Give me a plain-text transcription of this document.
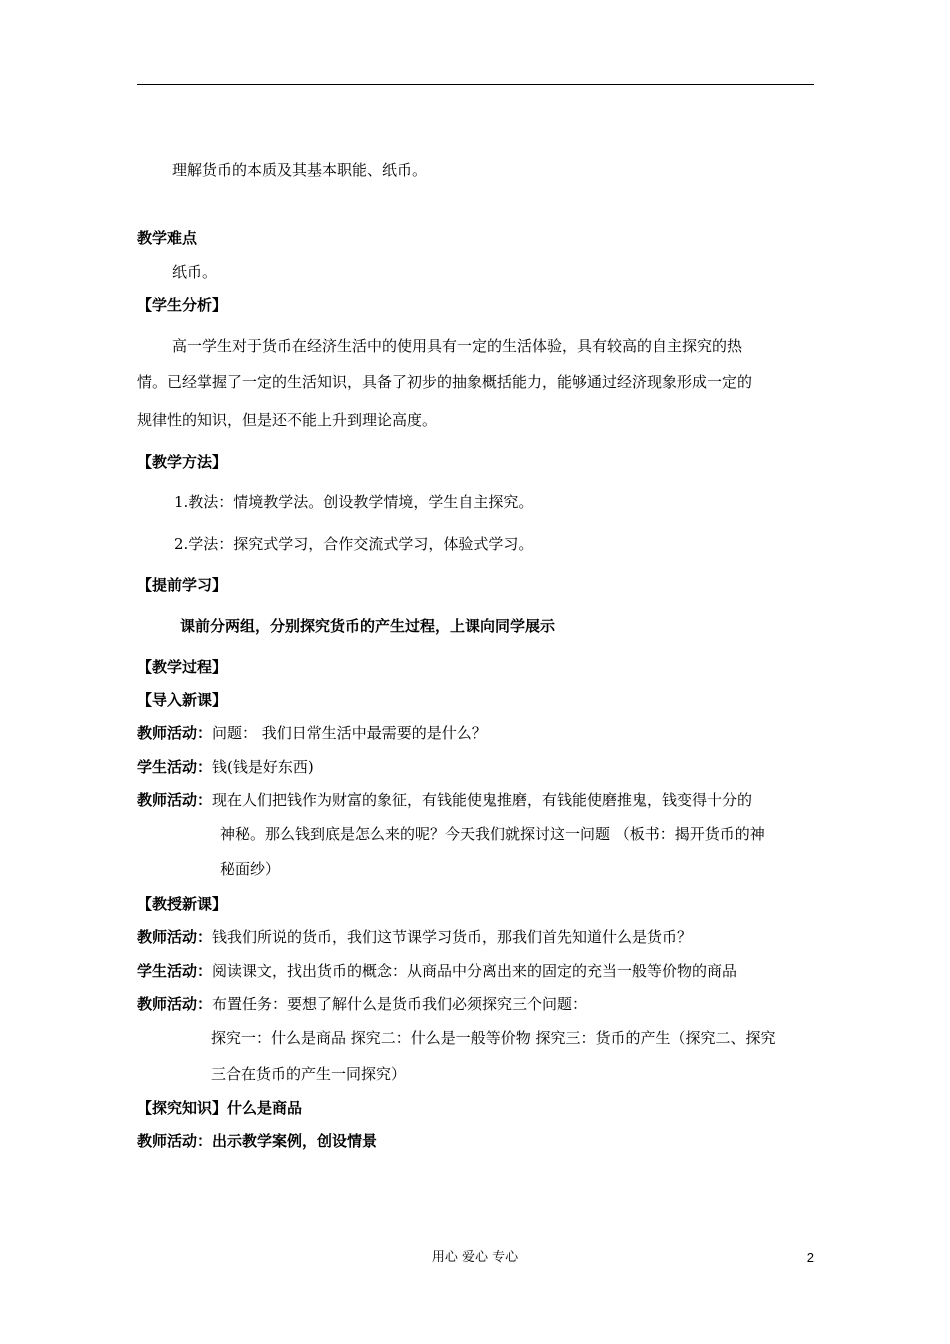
理解货币的本质及其基本职能、纸币。
教学难点
纸币。
【学生分析】
高一学生对于货币在经济生活中的使用具有一定的生活体验，具有较高的自主探究的热
情。已经掌握了一定的生活知识，具备了初步的抽象概括能力，能够通过经济现象形成一定的
规律性的知识，但是还不能上升到理论高度。
【教学方法】
1.教法：情境教学法。创设教学情境，学生自主探究。
2.学法：探究式学习，合作交流式学习，体验式学习。
【提前学习】
课前分两组，分别探究货币的产生过程，上课向同学展示
【教学过程】
【导入新课】
教师活动：问题： 我们日常生活中最需要的是什么？
学生活动：钱(钱是好东西)
教师活动：现在人们把钱作为财富的象征，有钱能使鬼推磨，有钱能使磨推鬼，钱变得十分的
神秘。那么钱到底是怎么来的呢？今天我们就探讨这一问题 （板书：揭开货币的神
秘面纱）
【教授新课】
教师活动：钱我们所说的货币，我们这节课学习货币，那我们首先知道什么是货币？
学生活动：阅读课文，找出货币的概念：从商品中分离出来的固定的充当一般等价物的商品
教师活动：布置任务：要想了解什么是货币我们必须探究三个问题：
探究一：什么是商品 探究二：什么是一般等价物 探究三：货币的产生（探究二、探究
三合在货币的产生一同探究）
【探究知识】什么是商品
教师活动：出示教学案例，创设情景
用心 爱心 专心	2
